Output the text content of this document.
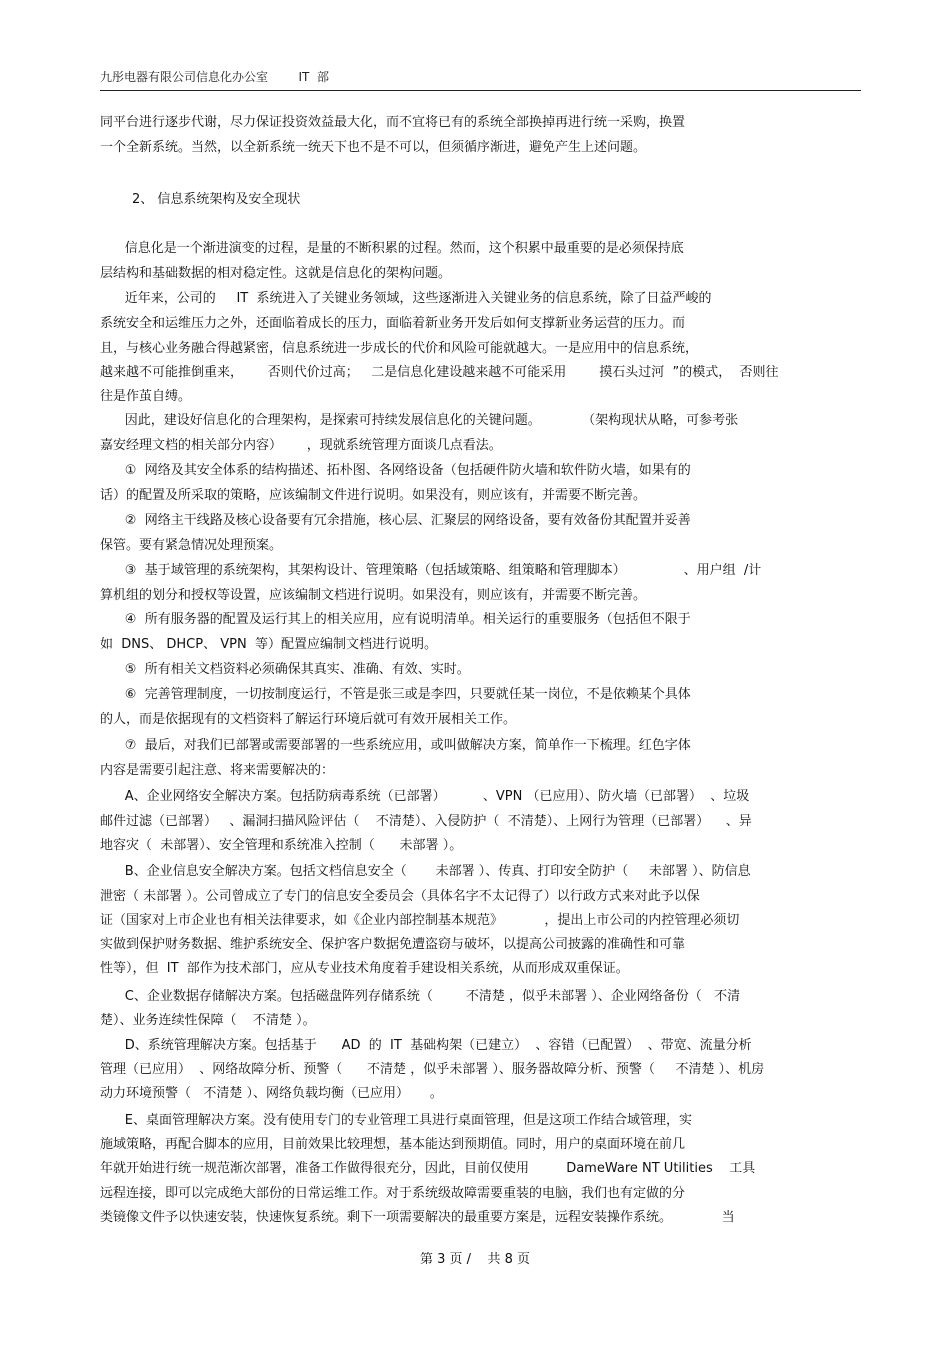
九彤电器有限公司信息化办公室        IT  部
同平台进行逐步代谢，尽力保证投资效益最大化，而不宜将已有的系统全部换掉再进行统一采购，换置
一个全新系统。当然，以全新系统一统天下也不是不可以，但须循序渐进，避免产生上述问题。
2、 信息系统架构及安全现状
信息化是一个渐进演变的过程，是量的不断积累的过程。然而，这个积累中最重要的是必须保持底
层结构和基础数据的相对稳定性。这就是信息化的架构问题。
近年来，公司的     IT  系统进入了关键业务领域，这些逐渐进入关键业务的信息系统，除了日益严峻的
系统安全和运维压力之外，还面临着成长的压力，面临着新业务开发后如何支撑新业务运营的压力。而
且，与核心业务融合得越紧密，信息系统进一步成长的代价和风险可能就越大。一是应用中的信息系统，
越来越不可能推倒重来，      否则代价过高；   二是信息化建设越来越不可能采用        摸石头过河  ”的模式，  否则往
往是作茧自缚。
因此，建设好信息化的合理架构，是探索可持续发展信息化的关键问题。          （架构现状从略，可参考张
嘉安经理文档的相关部分内容）      ，现就系统管理方面谈几点看法。
①  网络及其安全体系的结构描述、拓朴图、各网络设备（包括硬件防火墙和软件防火墙，如果有的
话）的配置及所采取的策略，应该编制文件进行说明。如果没有，则应该有，并需要不断完善。
②  网络主干线路及核心设备要有冗余措施，核心层、汇聚层的网络设备，要有效备份其配置并妥善
保管。要有紧急情况处理预案。
③  基于域管理的系统架构，其架构设计、管理策略（包括域策略、组策略和管理脚本）              、用户组  /计
算机组的划分和授权等设置，应该编制文档进行说明。如果没有，则应该有，并需要不断完善。
④  所有服务器的配置及运行其上的相关应用，应有说明清单。相关运行的重要服务（包括但不限于
如  DNS、 DHCP、 VPN  等）配置应编制文档进行说明。
⑤  所有相关文档资料必须确保其真实、准确、有效、实时。
⑥  完善管理制度，一切按制度运行，不管是张三或是李四，只要就任某一岗位，不是依赖某个具体
的人，而是依据现有的文档资料了解运行环境后就可有效开展相关工作。
⑦  最后，对我们已部署或需要部署的一些系统应用，或叫做解决方案，简单作一下梳理。红色字体
内容是需要引起注意、将来需要解决的：
A、企业网络安全解决方案。包括防病毒系统（已部署）         、VPN （已应用）、防火墙（已部署）  、垃圾
邮件过滤（已部署）   、漏洞扫描风险评估（    不清楚）、入侵防护（  不清楚）、上网行为管理（已部署）    、异
地容灾（  未部署）、安全管理和系统准入控制（      未部署 ）。
B、企业信息安全解决方案。包括文档信息安全（       未部署 ）、传真、打印安全防护（     未部署 ）、防信息
泄密（ 未部署 ）。公司曾成立了专门的信息安全委员会（具体名字不太记得了）以行政方式来对此予以保
证（国家对上市企业也有相关法律要求，如《企业内部控制基本规范》          ，提出上市公司的内控管理必须切
实做到保护财务数据、维护系统安全、保护客户数据免遭盗窃与破坏，以提高公司披露的准确性和可靠
性等），但  IT  部作为技术部门，应从专业技术角度着手建设相关系统，从而形成双重保证。
C、企业数据存储解决方案。包括磁盘阵列存储系统（        不清楚 ，似乎未部署 ）、企业网络备份（   不清
楚）、业务连续性保障（    不清楚 ）。
D、系统管理解决方案。包括基于      AD  的  IT  基础构架（已建立）  、容错（已配置）  、带宽、流量分析
管理（已应用）  、网络故障分析、预警（      不清楚 ，似乎未部署 ）、服务器故障分析、预警（     不清楚 ）、机房
动力环境预警（   不清楚 ）、网络负载均衡（已应用）     。
E、桌面管理解决方案。没有使用专门的专业管理工具进行桌面管理，但是这项工作结合域管理，实
施域策略，再配合脚本的应用，目前效果比较理想，基本能达到预期值。同时，用户的桌面环境在前几
年就开始进行统一规范渐次部署，准备工作做得很充分，因此，目前仅使用         DameWare NT Utilities    工具
远程连接，即可以完成绝大部份的日常运维工作。对于系统级故障需要重装的电脑，我们也有定做的分
类镜像文件予以快速安装，快速恢复系统。剩下一项需要解决的最重要方案是，远程安装操作系统。            当
第 3 页 /    共 8 页
